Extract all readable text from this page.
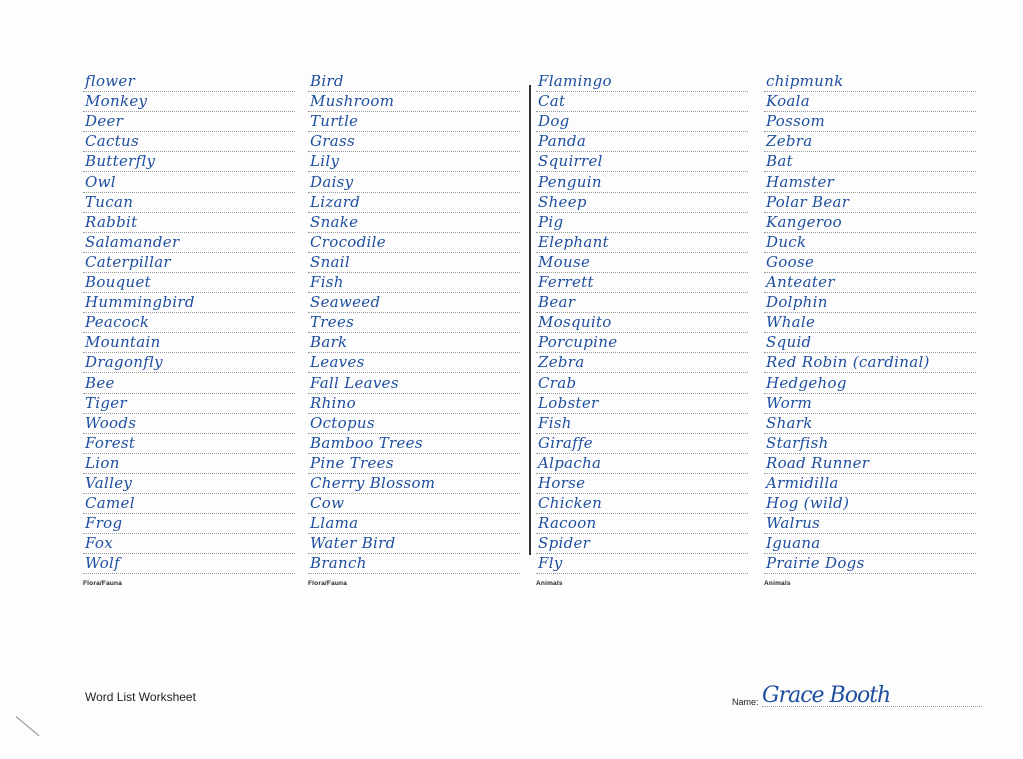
flower
Monkey
Deer
Cactus
Butterfly
Owl
Tucan
Rabbit
Salamander
Caterpillar
Bouquet
Hummingbird
Peacock
Mountain
Dragonfly
Bee
Tiger
Woods
Forest
Lion
Valley
Camel
Frog
Fox
Wolf
Flora/Fauna
Bird
Mushroom
Turtle
Grass
Lily
Daisy
Lizard
Snake
Crocodile
Snail
Fish
Seaweed
Trees
Bark
Leaves
Fall Leaves
Rhino
Octopus
Bamboo Trees
Pine Trees
Cherry Blossom
Cow
Llama
Water Bird
Branch
Flora/Fauna
Flamingo
Cat
Dog
Panda
Squirrel
Penguin
Sheep
Pig
Elephant
Mouse
Ferrett
Bear
Mosquito
Porcupine
Zebra
Crab
Lobster
Fish
Giraffe
Alpacha
Horse
Chicken
Racoon
Spider
Fly
Animals
chipmunk
Koala
Possom
Zebra
Bat
Hamster
Polar Bear
Kangeroo
Duck
Goose
Anteater
Dolphin
Whale
Squid
Red Robin (cardinal)
Hedgehog
Worm
Shark
Starfish
Road Runner
Armidilla
Hog (wild)
Walrus
Iguana
Prairie Dogs
Animals
Word List Worksheet	Name: Grace Booth
